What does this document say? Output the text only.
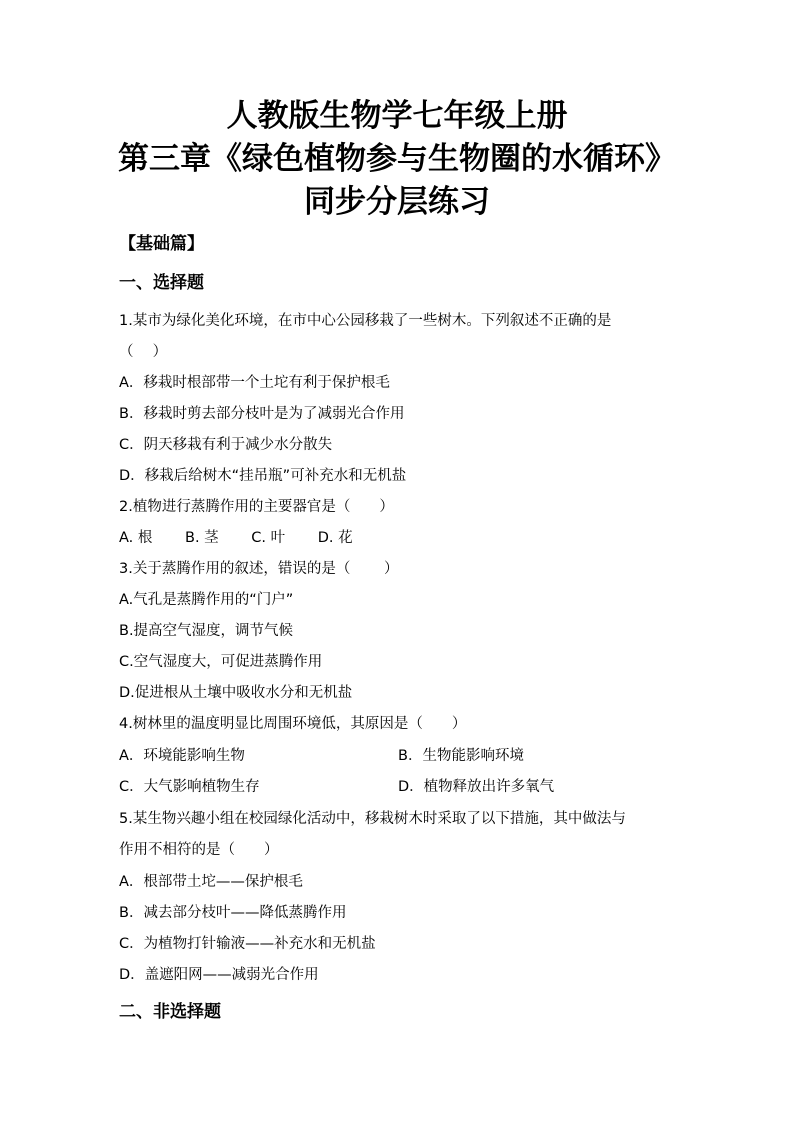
人教版生物学七年级上册
第三章《绿色植物参与生物圈的水循环》
同步分层练习
【基础篇】
一、选择题
1.某市为绿化美化环境，在市中心公园移栽了一些树木。下列叙述不正确的是
（　 ）
A．移栽时根部带一个土坨有利于保护根毛
B．移栽时剪去部分枝叶是为了减弱光合作用
C．阴天移栽有利于减少水分散失
D．移栽后给树木“挂吊瓶”可补充水和无机盐
2.植物进行蒸腾作用的主要器官是（　　）
A. 根 B. 茎 C. 叶 D. 花
3.关于蒸腾作用的叙述，错误的是（　　 ）
A.气孔是蒸腾作用的“门户”
B.提高空气湿度，调节气候
C.空气湿度大，可促进蒸腾作用
D.促进根从土壤中吸收水分和无机盐
4.树林里的温度明显比周围环境低，其原因是（　　）
A．环境能影响生物	B．生物能影响环境
C．大气影响植物生存	D．植物释放出许多氧气
5.某生物兴趣小组在校园绿化活动中，移栽树木时采取了以下措施，其中做法与
作用不相符的是（　　）
A．根部带土坨——保护根毛
B．减去部分枝叶——降低蒸腾作用
C．为植物打针输液——补充水和无机盐
D．盖遮阳网——减弱光合作用
二、非选择题
